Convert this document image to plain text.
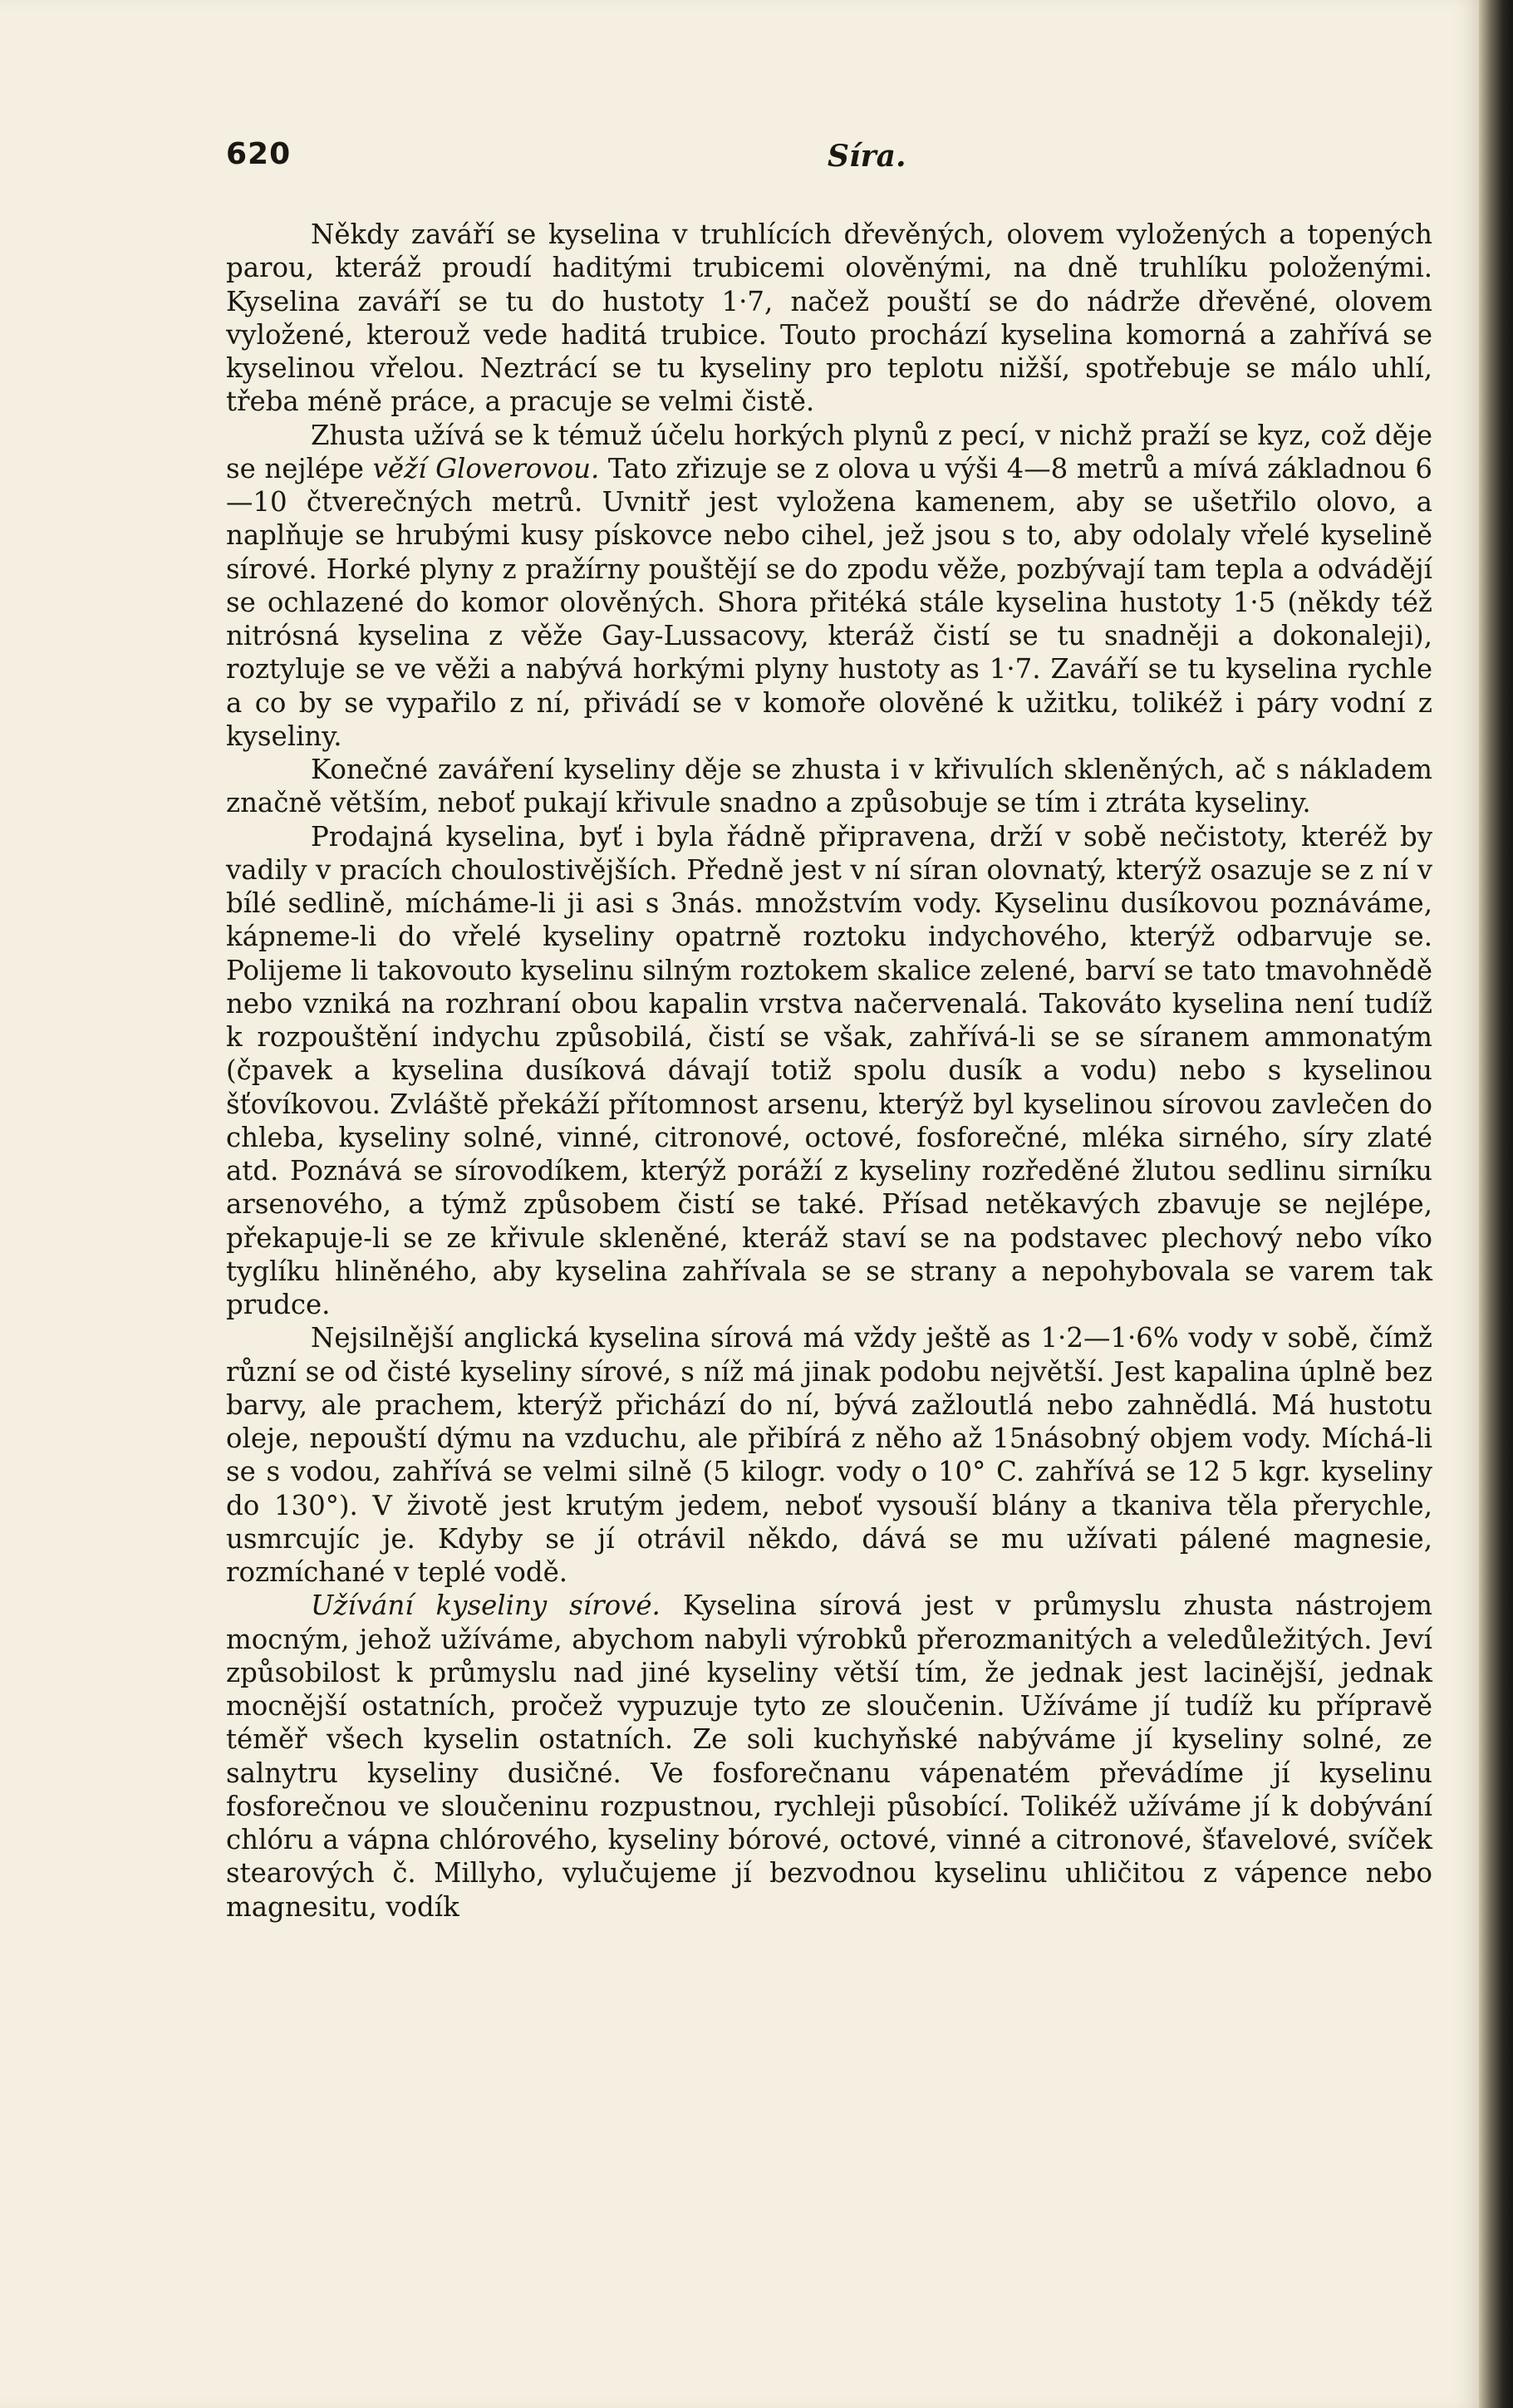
620	Síra.

Někdy zaváří se kyselina v truhlících dřevěných, olovem vyložených a topených parou, kteráž proudí haditými trubicemi olověnými, na dně truhlíku položenými. Kyselina zaváří se tu do hustoty 1·7, načež pouští se do nádrže dřevěné, olovem vyložené, kterouž vede haditá trubice. Touto prochází kyselina komorná a zahřívá se kyselinou vřelou. Neztrácí se tu kyseliny pro teplotu nižší, spotřebuje se málo uhlí, třeba méně práce, a pracuje se velmi čistě.

Zhusta užívá se k témuž účelu horkých plynů z pecí, v nichž praží se kyz, což děje se nejlépe věží Gloverovou. Tato zřizuje se z olova u výši 4—8 metrů a mívá základnou 6—10 čtverečných metrů. Uvnitř jest vyložena kamenem, aby se ušetřilo olovo, a naplňuje se hrubými kusy pískovce nebo cihel, jež jsou s to, aby odolaly vřelé kyselině sírové. Horké plyny z pražírny pouštějí se do zpodu věže, pozbývají tam tepla a odvádějí se ochlazené do komor olověných. Shora přitéká stále kyselina hustoty 1·5 (někdy též nitrósná kyselina z věže Gay-Lussacovy, kteráž čistí se tu snadněji a dokonaleji), roztyluje se ve věži a nabývá horkými plyny hustoty as 1·7. Zaváří se tu kyselina rychle a co by se vypařilo z ní, přivádí se v komoře olověné k užitku, tolikéž i páry vodní z kyseliny.

Konečné zavářenı́ kyseliny děje se zhusta i v křivulích skleněných, ač s nákladem značně větším, neboť pukají křivule snadno a způsobuje se tím i ztráta kyseliny.

Prodajná kyselina, byť i byla řádně připravena, drží v sobě nečistoty, kteréž by vadily v pracích choulostivějších. Předně jest v ní síran olovnatý, kterýž osazuje se z ní v bílé sedlině, mícháme-li ji asi s 3nás. množstvím vody. Kyselinu dusíkovou poznáváme, kápneme-li do vřelé kyseliny opatrně roztoku indychového, kterýž odbarvuje se. Polijeme li takovouto kyselinu silným roztokem skalice zelené, barví se tato tmavohnědě nebo vzniká na rozhraní obou kapalin vrstva načervenalá. Takováto kyselina není tudíž k rozpouštění indychu způsobilá, čistí se však, zahřívá-li se se síranem ammonatým (čpavek a kyselina dusíková dávají totiž spolu dusík a vodu) nebo s kyselinou šťovíkovou. Zvláště překáží přítomnost arsenu, kterýž byl kyselinou sírovou zavlečen do chleba, kyseliny solné, vinné, citronové, octové, fosforečné, mléka sirného, síry zlaté atd. Poznává se sírovodíkem, kterýž poráží z kyseliny rozředěné žlutou sedlinu sirníku arsenového, a týmž způsobem čistí se také. Přísad netěkavých zbavuje se nejlépe, překapuje-li se ze křivule skleněné, kteráž staví se na podstavec plechový nebo víko tyglíku hliněného, aby kyselina zahřívala se se strany a nepohybovala se varem tak prudce.

Nejsilnější anglická kyselina sírová má vždy ještě as 1·2—1·6% vody v sobě, čímž různí se od čisté kyseliny sírové, s níž má jinak podobu největší. Jest kapalina úplně bez barvy, ale prachem, kterýž přichází do ní, bývá zažloutlá nebo zahnědlá. Má hustotu oleje, nepouští dýmu na vzduchu, ale přibírá z něho až 15násobný objem vody. Míchá-li se s vodou, zahřívá se velmi silně (5 kilogr. vody o 10° C. zahřívá se 12 5 kgr. kyseliny do 130°). V životě jest krutým jedem, neboť vysouší blány a tkaniva těla přerychle, usmrcujíc je. Kdyby se jí otrávil někdo, dává se mu užívati pálené magnesie, rozmíchané v teplé vodě.

Užívání kyseliny sírové. Kyselina sírová jest v průmyslu zhusta nástrojem mocným, jehož užíváme, abychom nabyli výrobků přerozmanitých a veledůležitých. Jeví způsobilost k průmyslu nad jiné kyseliny větší tím, že jednak jest lacinější, jednak mocnější ostatních, pročež vypuzuje tyto ze sloučenin. Užíváme jí tudíž ku přípravě téměř všech kyselin ostatních. Ze soli kuchyňské nabýváme jí kyseliny solné, ze salnytru kyseliny dusičné. Ve fosforečnanu vápenatém převádíme jí kyselinu fosforečnou ve sloučeninu rozpustnou, rychleji působící. Tolikéž užíváme jí k dobývání chlóru a vápna chlórového, kyseliny bórové, octové, vinné a citronové, šťavelové, svíček stearových č. Millyho, vylučujeme jí bezvodnou kyselinu uhličitou z vápence nebo magnesitu, vodík
